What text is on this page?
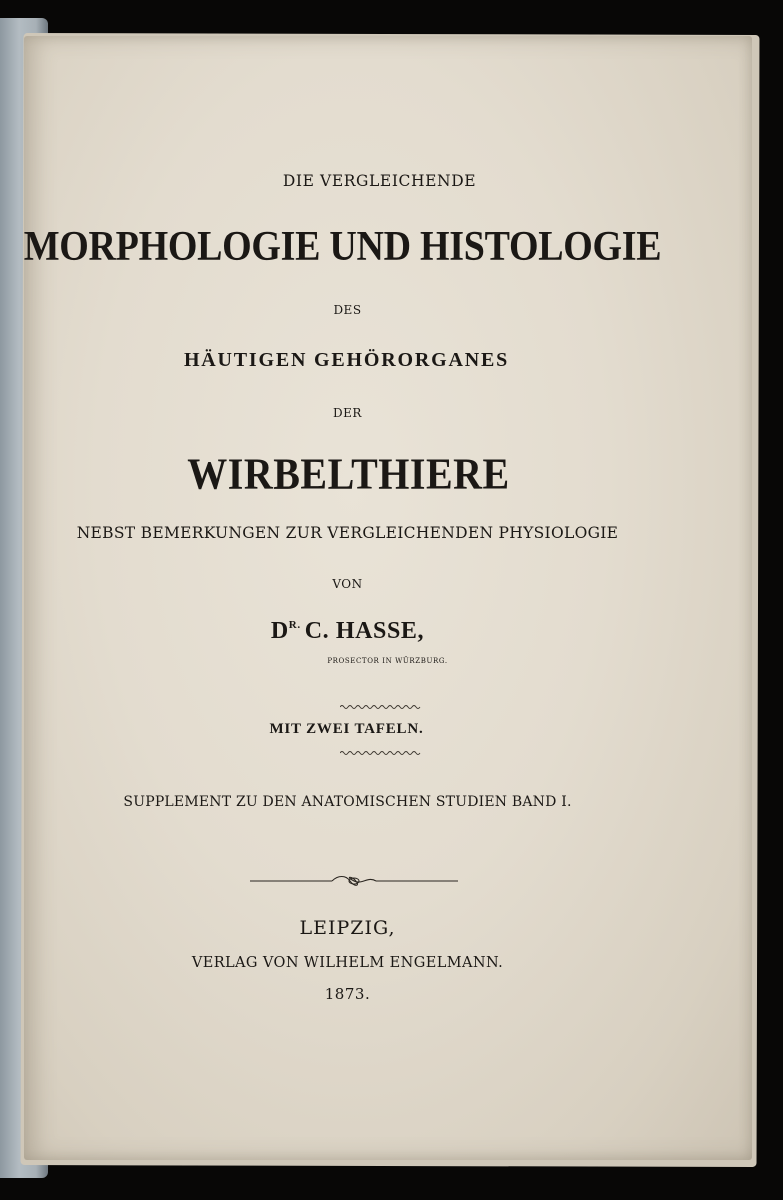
DIE VERGLEICHENDE
MORPHOLOGIE UND HISTOLOGIE
DES
HÄUTIGEN GEHÖRORGANES
DER
WIRBELTHIERE
NEBST BEMERKUNGEN ZUR VERGLEICHENDEN PHYSIOLOGIE
VON
$D^{R.}$ C. HASSE,
PROSECTOR IN WÜRZBURG.
MIT ZWEI TAFELN.
SUPPLEMENT ZU DEN ANATOMISCHEN STUDIEN BAND I.
LEIPZIG,
VERLAG VON WILHELM ENGELMANN.
1873.
